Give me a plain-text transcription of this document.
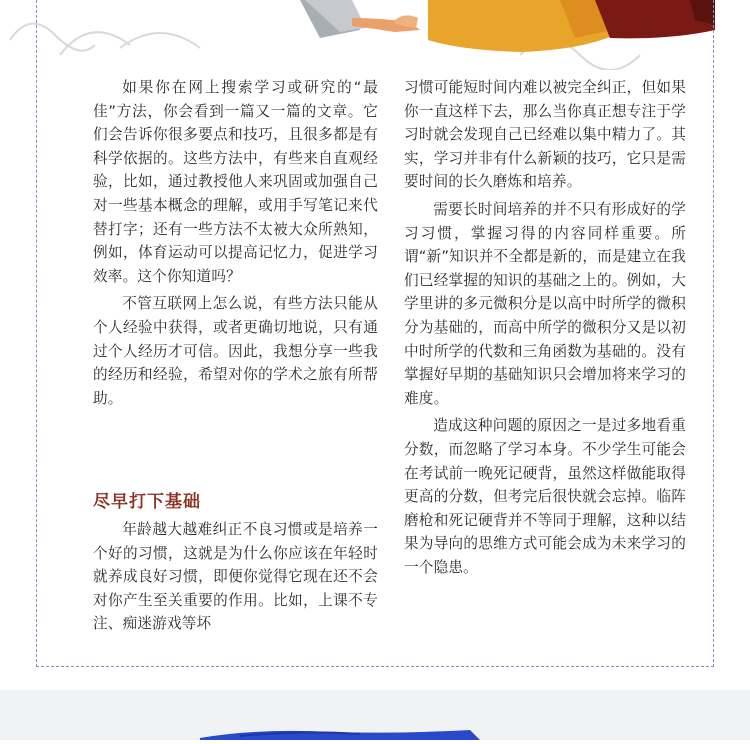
如果你在网上搜索学习或研究的“最佳”方法，你会看到一篇又一篇的文章。它们会告诉你很多要点和技巧，且很多都是有科学依据的。这些方法中，有些来自直观经验，比如，通过教授他人来巩固或加强自己对一些基本概念的理解，或用手写笔记来代替打字；还有一些方法不太被大众所熟知，例如，体育运动可以提高记忆力，促进学习效率。这个你知道吗？

不管互联网上怎么说，有些方法只能从个人经验中获得，或者更确切地说，只有通过个人经历才可信。因此，我想分享一些我的经历和经验，希望对你的学术之旅有所帮助。

尽早打下基础

年龄越大越难纠正不良习惯或是培养一个好的习惯，这就是为什么你应该在年轻时就养成良好习惯，即便你觉得它现在还不会对你产生至关重要的作用。比如，上课不专注、痴迷游戏等坏

习惯可能短时间内难以被完全纠正，但如果你一直这样下去，那么当你真正想专注于学习时就会发现自己已经难以集中精力了。其实，学习并非有什么新颖的技巧，它只是需要时间的长久磨炼和培养。

需要长时间培养的并不只有形成好的学习习惯，掌握习得的内容同样重要。所谓“新”知识并不全都是新的，而是建立在我们已经掌握的知识的基础之上的。例如，大学里讲的多元微积分是以高中时所学的微积分为基础的，而高中所学的微积分又是以初中时所学的代数和三角函数为基础的。没有掌握好早期的基础知识只会增加将来学习的难度。

造成这种问题的原因之一是过多地看重分数，而忽略了学习本身。不少学生可能会在考试前一晚死记硬背，虽然这样做能取得更高的分数，但考完后很快就会忘掉。临阵磨枪和死记硬背并不等同于理解，这种以结果为导向的思维方式可能会成为未来学习的一个隐患。
